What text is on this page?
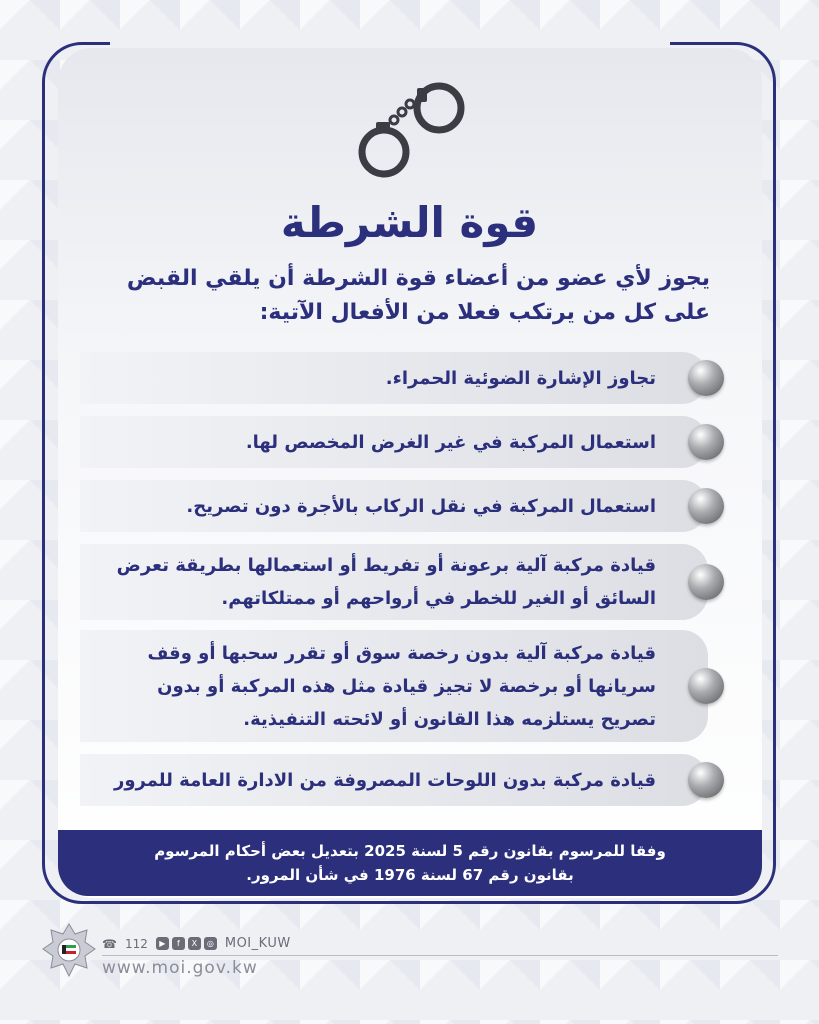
قوة الشرطة
يجوز لأي عضو من أعضاء قوة الشرطة أن يلقي القبض على كل من يرتكب فعلا من الأفعال الآتية:
تجاوز الإشارة الضوئية الحمراء.
استعمال المركبة في غير الغرض المخصص لها.
استعمال المركبة في نقل الركاب بالأجرة دون تصريح.
قيادة مركبة آلية برعونة أو تفريط أو استعمالها بطريقة تعرض السائق أو الغير للخطر في أرواحهم أو ممتلكاتهم.
قيادة مركبة آلية بدون رخصة سوق أو تقرر سحبها أو وقف سريانها أو برخصة لا تجيز قيادة مثل هذه المركبة أو بدون تصريح يستلزمه هذا القانون أو لائحته التنفيذية.
قيادة مركبة بدون اللوحات المصروفة من الادارة العامة للمرور
وفقا للمرسوم بقانون رقم 5 لسنة 2025 بتعديل بعض أحكام المرسوم
بقانون رقم 67 لسنة 1976 في شأن المرور.
☎ 112	▶	f	X	◎ MOI_KUW
www.moi.gov.kw
